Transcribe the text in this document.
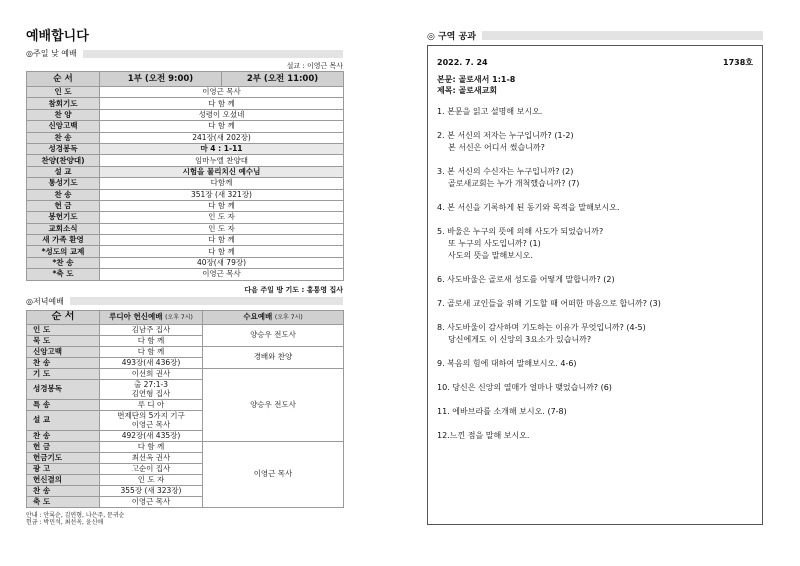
예배합니다
◎주일 낮 예배
설교 : 이영근 목사
순 서	1부 (오전 9:00)	2부 (오전 11:00)
인 도	이영근 목사	
참회기도	다 함 께	
찬 양	성령이 오셨네	
신앙고백	다 함 께	
찬 송	241장(새 202장)	
성경봉독	마 4 : 1-11	
찬양(찬양대)	임마누엘 찬양대	
설 교	시험을 물리치신 예수님	
통성기도	다함께	
찬 송	351장 (새 321장)	
헌 금	다 함 께	
봉헌기도	인 도 자	
교회소식	인 도 자	
새 가족 환영	다 함 께	
*성도의 교제	다 함 께	
*찬 송	40장(새 79장)	
*축 도	이영근 목사	
다음 주일 방 기도 : 홍통영 집사
◎저녁예배
순 서	루디아 헌신예배 (오후 7시)	수요예배 (오후 7시)	
인 도	김남주 집사	양승우 전도사	
묵 도	다 함 께		

신앙고백	다 함 께	경배와 찬양	
찬 송	493장(새 436장)

기 도	이선희 권사	양승우 전도사	
성경봉독	출 27:1-3
김연형 집사		

특 송	루 디 아		

설 교	번제단의 5가지 기구
이영근 목사		

찬 송	492장(새 435장)		

헌 금	다 함 께	이영근 목사	
헌금기도	최선옥 권사		

광 고	고순이 집사		

헌신결의	인 도 자		

찬 송	355장 (새 323장)		

축 도	이영근 목사		
안내 : 안록순, 김연형, 나은주, 문귀순
헌금 : 박민석, 최선옥, 윤신애
◎ 구역 공과
2022. 7. 24	1738호
본문: 골로새서 1:1-8
제목: 골로새교회
1. 본문을 읽고 설명해 보시오.
2. 본 서신의 저자는 누구입니까? (1-2)
본 서신은 어디서 썼습니까?
3. 본 서신의 수신자는 누구입니까? (2)
골로새교회는 누가 개척했습니까? (7)
4. 본 서신을 기록하게 된 동기와 목적을 말해보시오.
5. 바울은 누구의 뜻에 의해 사도가 되었습니까?
또 누구의 사도입니까? (1)
사도의 뜻을 말해보시오.
6. 사도바울은 골로새 성도를 어떻게 말합니까? (2)
7. 골로새 교인들을 위해 기도할 때 어떠한 마음으로 합니까? (3)
8. 사도바울이 감사하며 기도하는 이유가 무엇입니까? (4-5)
당신에게도 이 신앙의 3요소가 있습니까?
9. 복음의 힘에 대하여 말해보시오. 4-6)
10. 당신은 신앙의 열매가 얼마나 맺었습니까? (6)
11. 에바브라를 소개해 보시오. (7-8)
12.느낀 점을 말해 보시오.
